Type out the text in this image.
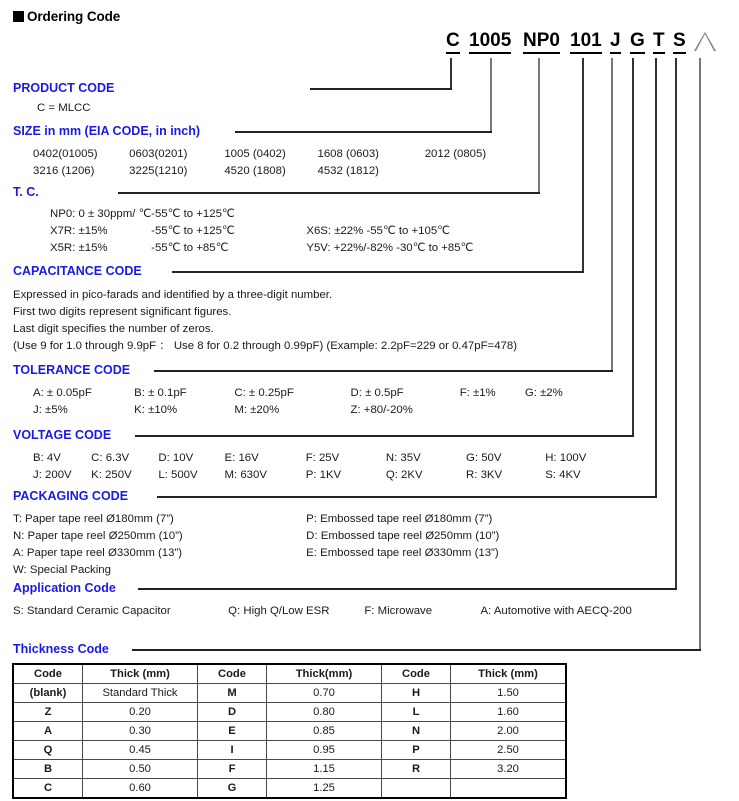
Ordering Code
C 1005 NP0 101 J G T S
PRODUCT CODE
C = MLCC
SIZE in mm (EIA CODE, in inch)
0402(01005)	0603(0201)	1005 (0402)	1608 (0603)	2012 (0805)
3216 (1206)	3225(1210)	4520 (1808)	4532 (1812)
T. C.
NP0: 0 ± 30ppm/ ℃ -55℃ to +125℃
X7R: ±15%	-55℃ to +125℃	X6S: ±22% -55℃ to +105℃
X5R: ±15%	-55℃ to +85℃	Y5V: +22%/-82% -30℃ to +85℃
CAPACITANCE CODE
Expressed in pico-farads and identified by a three-digit number.
First two digits represent significant figures.
Last digit specifies the number of zeros.
(Use 9 for 1.0 through 9.9pF ： Use 8 for 0.2 through 0.99pF) (Example: 2.2pF=229 or 0.47pF=478)
TOLERANCE CODE
A: ± 0.05pF	B: ± 0.1pF	C: ± 0.25pF	D: ± 0.5pF	F: ±1%	G: ±2%
J: ±5%	K: ±10%	M: ±20%	Z: +80/-20%
VOLTAGE CODE
B: 4V	C: 6.3V	D: 10V	E: 16V	F: 25V	N: 35V	G: 50V	H: 100V
J: 200V K: 250V L: 500V M: 630V	P: 1KV	Q: 2KV	R: 3KV	S: 4KV
PACKAGING CODE
T: Paper tape reel Ø180mm (7”)	P: Embossed tape reel Ø180mm (7”)
N: Paper tape reel Ø250mm (10”)	D: Embossed tape reel Ø250mm (10”)
A: Paper tape reel Ø330mm (13”)	E: Embossed tape reel Ø330mm (13”)
W: Special Packing
Application Code
S: Standard Ceramic Capacitor	Q: High Q/Low ESR	F: Microwave	A: Automotive with AECQ-200
Thickness Code
Code	Thick (mm)	Code	Thick(mm)	Code	Thick (mm)
(blank)	Standard Thick	M	0.70	H	1.50
Z	0.20	D	0.80	L	1.60
A	0.30	E	0.85	N	2.00
Q	0.45	I	0.95	P	2.50
B	0.50	F	1.15	R	3.20
C	0.60	G	1.25		
